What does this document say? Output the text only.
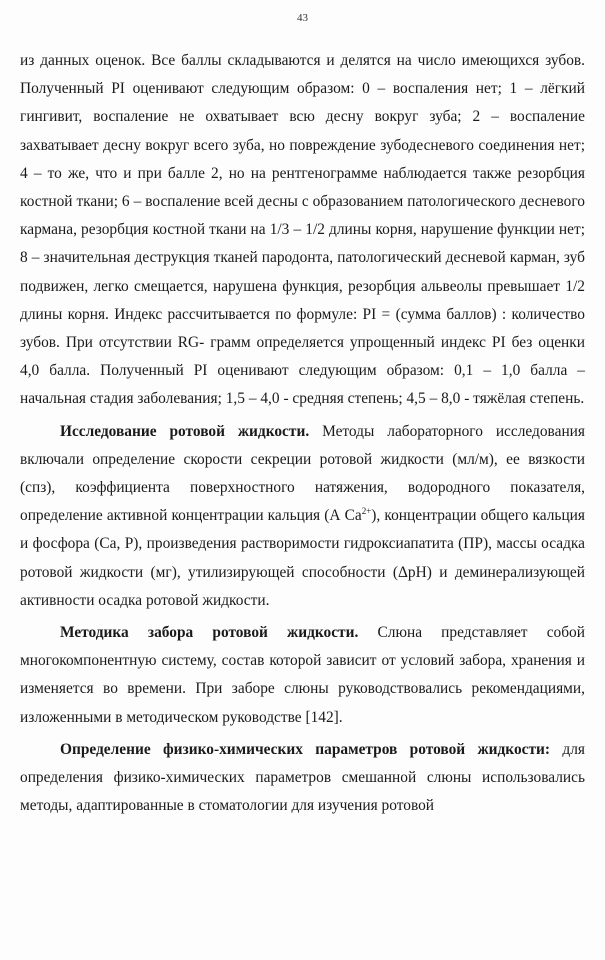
43

из данных оценок. Все баллы складываются и делятся на число имеющихся зубов. Полученный PI оценивают следующим образом: 0 – воспаления нет; 1 – лёгкий гингивит, воспаление не охватывает всю десну вокруг зуба; 2 – воспаление захватывает десну вокруг всего зуба, но повреждение зубодесневого соединения нет; 4 – то же, что и при балле 2, но на рентгенограмме наблюдается также резорбция костной ткани; 6 – воспаление всей десны с образованием патологического десневого кармана, резорбция костной ткани на 1/3 – 1/2 длины корня, нарушение функции нет; 8 – значительная деструкция тканей пародонта, патологический десневой карман, зуб подвижен, легко смещается, нарушена функция, резорбция альвеолы превышает 1/2 длины корня. Индекс рассчитывается по формуле: PI = (сумма баллов) : количество зубов. При отсутствии RG- грамм определяется упрощенный индекс PI без оценки 4,0 балла. Полученный PI оценивают следующим образом: 0,1 – 1,0 балла – начальная стадия заболевания; 1,5 – 4,0 - средняя степень; 4,5 – 8,0 - тяжёлая степень.

Исследование ротовой жидкости. Методы лабораторного исследования включали определение скорости секреции ротовой жидкости (мл/м), ее вязкости (спз), коэффициента поверхностного натяжения, водородного показателя, определение активной концентрации кальция (А $Са^{2+}$), концентрации общего кальция и фосфора (Са, Р), произведения растворимости гидроксиапатита (ПР), массы осадка ротовой жидкости (мг), утилизирующей способности (ΔрН) и деминерализующей активности осадка ротовой жидкости.

Методика забора ротовой жидкости. Слюна представляет собой многокомпонентную систему, состав которой зависит от условий забора, хранения и изменяется во времени. При заборе слюны руководствовались рекомендациями, изложенными в методическом руководстве [142].

Определение физико-химических параметров ротовой жидкости: для определения физико-химических параметров смешанной слюны использовались методы, адаптированные в стоматологии для изучения ротовой
